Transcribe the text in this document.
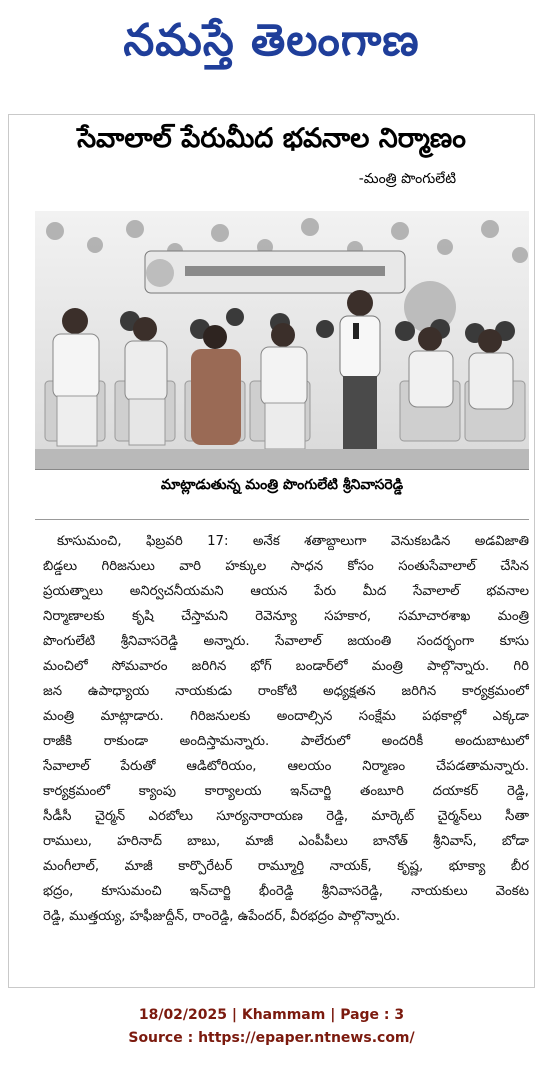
నమస్తే తెలంగాణ
సేవాలాల్ పేరుమీద భవనాల నిర్మాణం
-మంత్రి పొంగులేటి
మాట్లాడుతున్న మంత్రి పొంగులేటి శ్రీనివాసరెడ్డి
కూసుమంచి, ఫిబ్రవరి 17: అనేక శతాబ్దాలుగా వెనుకబడిన అడవిజాతి
బిడ్డలు గిరిజనులు వారి హక్కుల సాధన కోసం సంతుసేవాలాల్ చేసిన
ప్రయత్నాలు అనిర్వచనీయమని ఆయన పేరు మీద సేవాలాల్ భవనాల
నిర్మాణాలకు కృషి చేస్తామని రెవెన్యూ సహకార, సమాచారశాఖ మంత్రి
పొంగులేటి శ్రీనివాసరెడ్డి అన్నారు. సేవాలాల్ జయంతి సందర్భంగా కూసు
మంచిలో సోమవారం జరిగిన భోగ్ బండార్‌లో మంత్రి పాల్గొన్నారు. గిరి
జన ఉపాధ్యాయ నాయకుడు రాంకోటి అధ్యక్షతన జరిగిన కార్యక్రమంలో
మంత్రి మాట్లాడారు. గిరిజనులకు అందాల్సిన సంక్షేమ పథకాల్లో ఎక్కడా
రాజీకి రాకుండా అందిస్తామన్నారు. పాలేరులో అందరికీ అందుబాటులో
సేవాలాల్ పేరుతో ఆడిటోరియం, ఆలయం నిర్మాణం చేపడతామన్నారు.
కార్యక్రమంలో క్యాంపు కార్యాలయ ఇన్‌చార్జి తంబూరి దయాకర్ రెడ్డి,
సీడీసీ చైర్మన్ ఎరబోలు సూర్యనారాయణ రెడ్డి, మార్కెట్ చైర్మన్‌లు సీతా
రాములు, హరినాద్ బాబు, మాజీ ఎంపీపీలు బానోత్ శ్రీనివాస్, బోడా
మంగీలాల్, మాజీ కార్పొరేటర్ రామ్మూర్తి నాయక్, కృష్ణ, భూక్యా బీర
భద్రం, కూసుమంచి ఇన్‌చార్జి భీంరెడ్డి శ్రీనివాసరెడ్డి, నాయకులు వెంకట
రెడ్డి, ముత్తయ్య, హఫీజుద్దీన్, రాంరెడ్డి, ఉపేందర్, వీరభద్రం పాల్గొన్నారు.
18/02/2025 | Khammam | Page : 3
Source : https://epaper.ntnews.com/
